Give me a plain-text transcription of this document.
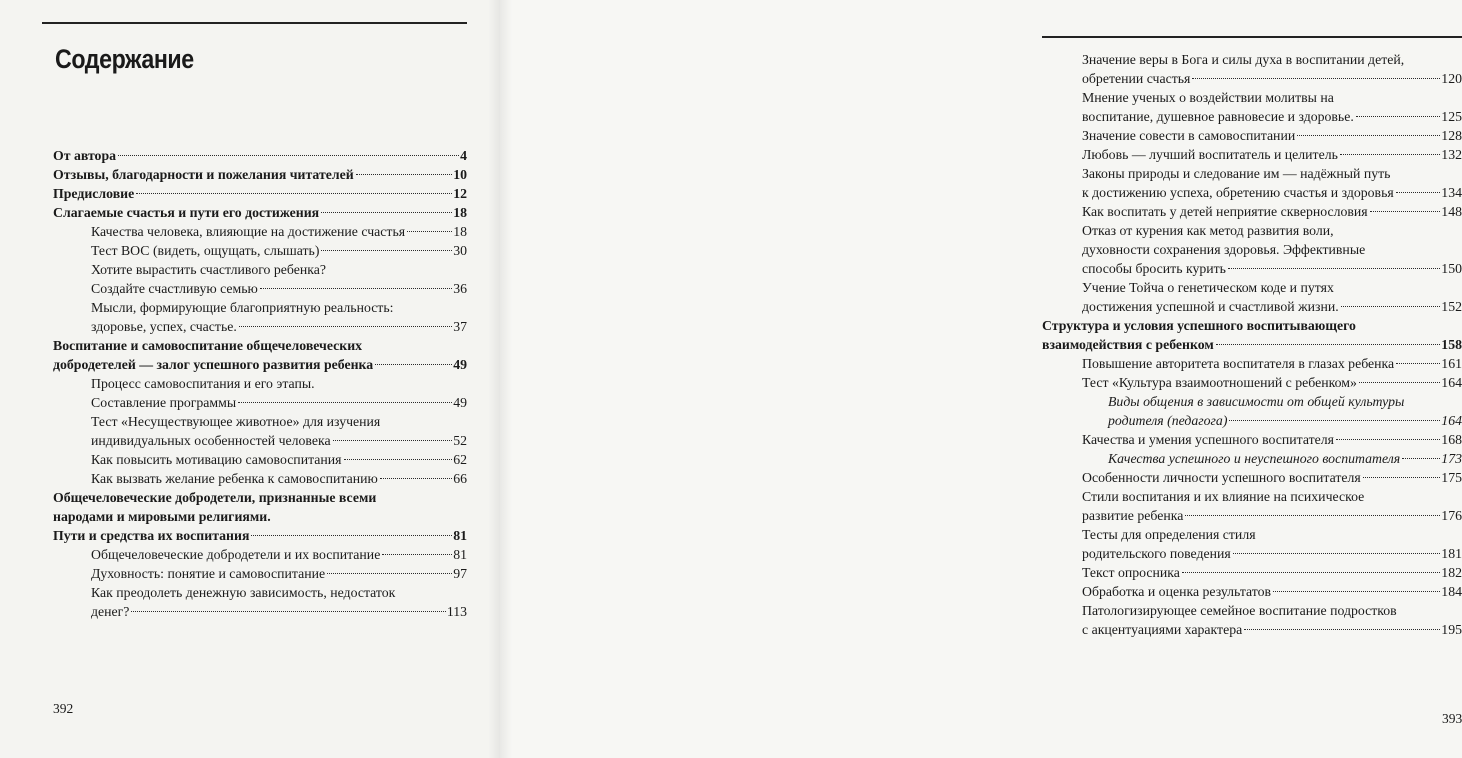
Содержание
От автора	4
Отзывы, благодарности и пожелания читателей	10
Предисловие	12
Слагаемые счастья и пути его достижения	18
Качества человека, влияющие на достижение счастья	18
Тест ВОС (видеть, ощущать, слышать)	30
Хотите вырастить счастливого ребенка?
Создайте счастливую семью	36
Мысли, формирующие благоприятную реальность:
здоровье, успех, счастье.	37
Воспитание и самовоспитание общечеловеческих
добродетелей — залог успешного развития ребенка	49
Процесс самовоспитания и его этапы.
Составление программы	49
Тест «Несуществующее животное» для изучения
индивидуальных особенностей человека	52
Как повысить мотивацию самовоспитания	62
Как вызвать желание ребенка к самовоспитанию	66
Общечеловеческие добродетели, признанные всеми
народами и мировыми религиями.
Пути и средства их воспитания	81
Общечеловеческие добродетели и их воспитание	81
Духовность: понятие и самовоспитание	97
Как преодолеть денежную зависимость, недостаток
денег?	113

392

Значение веры в Бога и силы духа в воспитании детей,
обретении счастья	120
Мнение ученых о воздействии молитвы на
воспитание, душевное равновесие и здоровье.	125
Значение совести в самовоспитании	128
Любовь — лучший воспитатель и целитель	132
Законы природы и следование им — надёжный путь
к достижению успеха, обретению счастья и здоровья	134
Как воспитать у детей неприятие сквернословия	148
Отказ от курения как метод развития воли,
духовности сохранения здоровья. Эффективные
способы бросить курить	150
Учение Тойча о генетическом коде и путях
достижения успешной и счастливой жизни.	152
Структура и условия успешного воспитывающего
взаимодействия с ребенком	158
Повышение авторитета воспитателя в глазах ребенка	161
Тест «Культура взаимоотношений с ребенком»	164
Виды общения в зависимости от общей культуры
родителя (педагога)	164
Качества и умения успешного воспитателя	168
Качества успешного и неуспешного воспитателя	173
Особенности личности успешного воспитателя	175
Стили воспитания и их влияние на психическое
развитие ребенка	176
Тесты для определения стиля
родительского поведения	181
Текст опросника	182
Обработка и оценка результатов	184
Патологизирующее семейное воспитание подростков
с акцентуациями характера	195

393
